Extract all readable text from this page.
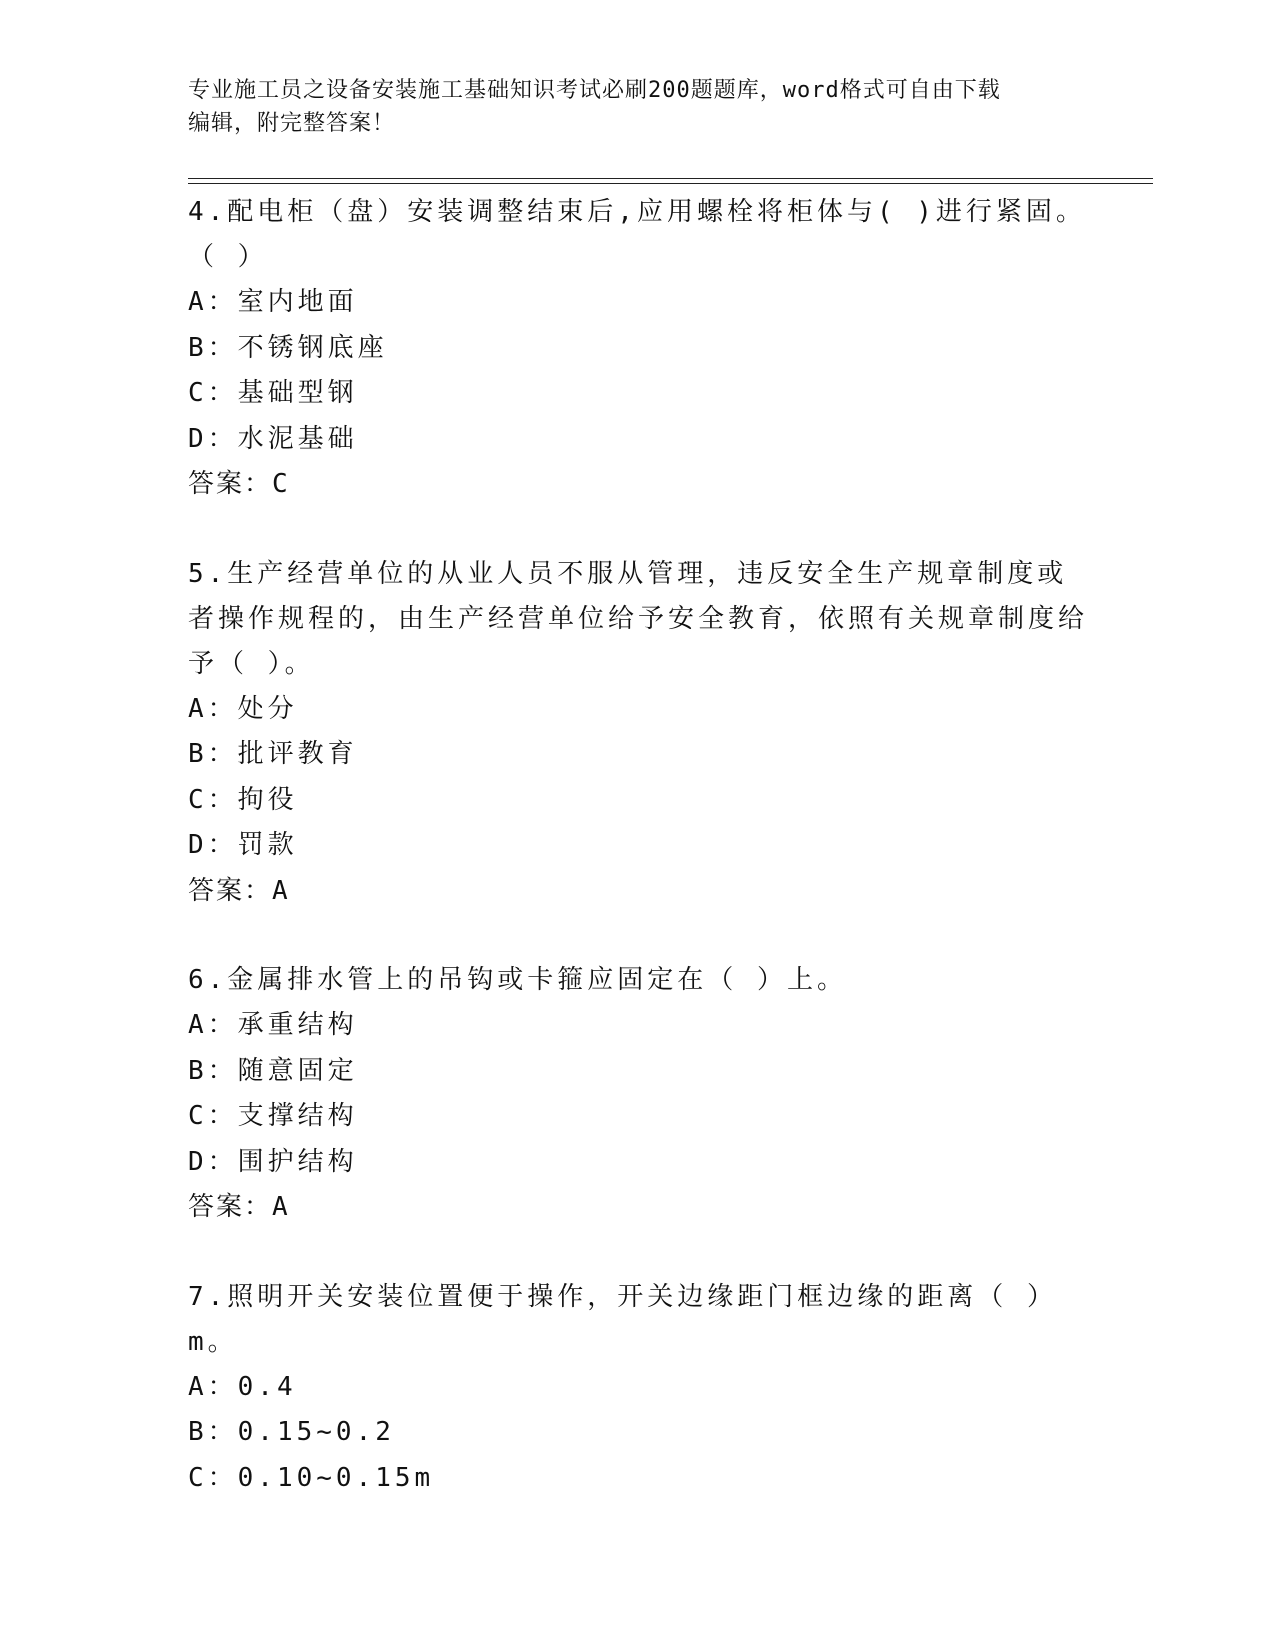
专业施工员之设备安装施工基础知识考试必刷200题题库，word格式可自由下载
编辑，附完整答案！
4.配电柜（盘）安装调整结束后,应用螺栓将柜体与( )进行紧固。（ ）
A：室内地面
B：不锈钢底座
C：基础型钢
D：水泥基础
答案：C
5.生产经营单位的从业人员不服从管理，违反安全生产规章制度或者操作规程的，由生产经营单位给予安全教育，依照有关规章制度给予（ ）。
A：处分
B：批评教育
C：拘役
D：罚款
答案：A
6.金属排水管上的吊钩或卡箍应固定在（ ）上。
A：承重结构
B：随意固定
C：支撑结构
D：围护结构
答案：A
7.照明开关安装位置便于操作，开关边缘距门框边缘的距离（ ）m。
A：0.4
B：0.15~0.2
C：0.10~0.15m
